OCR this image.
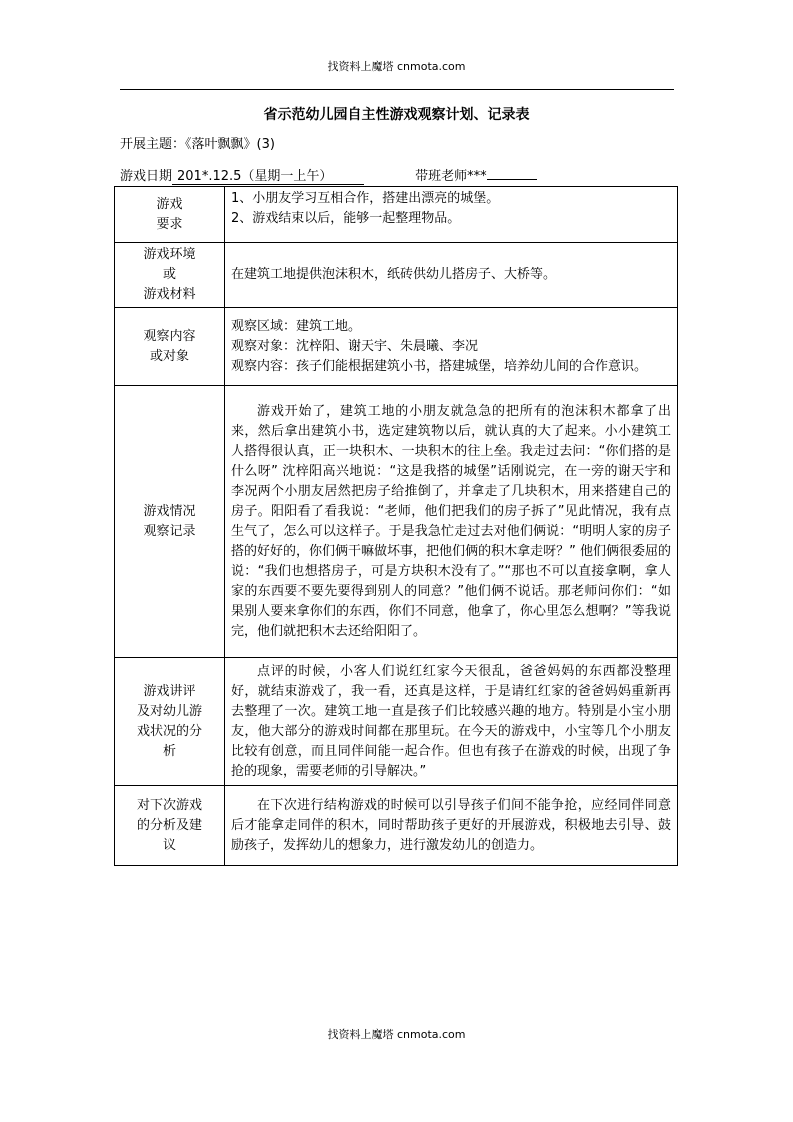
找资料上魔塔 cnmota.com
省示范幼儿园自主性游戏观察计划、记录表
开展主题：《落叶飘飘》(3)
游戏日期 201*.12.5（星期一上午）	带班老师***
游戏
要求	1、小朋友学习互相合作，搭建出漂亮的城堡。
2、游戏结束以后，能够一起整理物品。

游戏环境
或
游戏材料	在建筑工地提供泡沫积木，纸砖供幼儿搭房子、大桥等。

观察内容
或对象	观察区域：建筑工地。
观察对象：沈梓阳、谢天宇、朱晨曦、李况
观察内容：孩子们能根据建筑小书，搭建城堡，培养幼儿间的合作意识。

游戏情况
观察记录	游戏开始了，建筑工地的小朋友就急急的把所有的泡沫积木都拿了出来，然后拿出建筑小书，选定建筑物以后，就认真的大了起来。小小建筑工人搭得很认真，正一块积木、一块积木的往上垒。我走过去问：“你们搭的是什么呀” 沈梓阳高兴地说：“这是我搭的城堡”话刚说完，在一旁的谢天宇和李况两个小朋友居然把房子给推倒了，并拿走了几块积木，用来搭建自己的房子。阳阳看了看我说：“老师，他们把我们的房子拆了”见此情况，我有点生气了，怎么可以这样子。于是我急忙走过去对他们俩说：“明明人家的房子搭的好好的，你们俩干嘛做坏事，把他们俩的积木拿走呀？” 他们俩很委屈的说：“我们也想搭房子，可是方块积木没有了。”“那也不可以直接拿啊，拿人家的东西要不要先要得到别人的同意？”他们俩不说话。那老师问你们：“如果别人要来拿你们的东西，你们不同意，他拿了，你心里怎么想啊？”等我说完，他们就把积木去还给阳阳了。

游戏讲评
及对幼儿游
戏状况的分
析	点评的时候，小客人们说红红家今天很乱，爸爸妈妈的东西都没整理好，就结束游戏了，我一看，还真是这样，于是请红红家的爸爸妈妈重新再去整理了一次。建筑工地一直是孩子们比较感兴趣的地方。特别是小宝小朋友，他大部分的游戏时间都在那里玩。在今天的游戏中，小宝等几个小朋友比较有创意，而且同伴间能一起合作。但也有孩子在游戏的时候，出现了争抢的现象，需要老师的引导解决。”

对下次游戏
的分析及建
议	在下次进行结构游戏的时候可以引导孩子们间不能争抢，应经同伴同意后才能拿走同伴的积木，同时帮助孩子更好的开展游戏，积极地去引导、鼓励孩子，发挥幼儿的想象力，进行激发幼儿的创造力。

找资料上魔塔 cnmota.com
